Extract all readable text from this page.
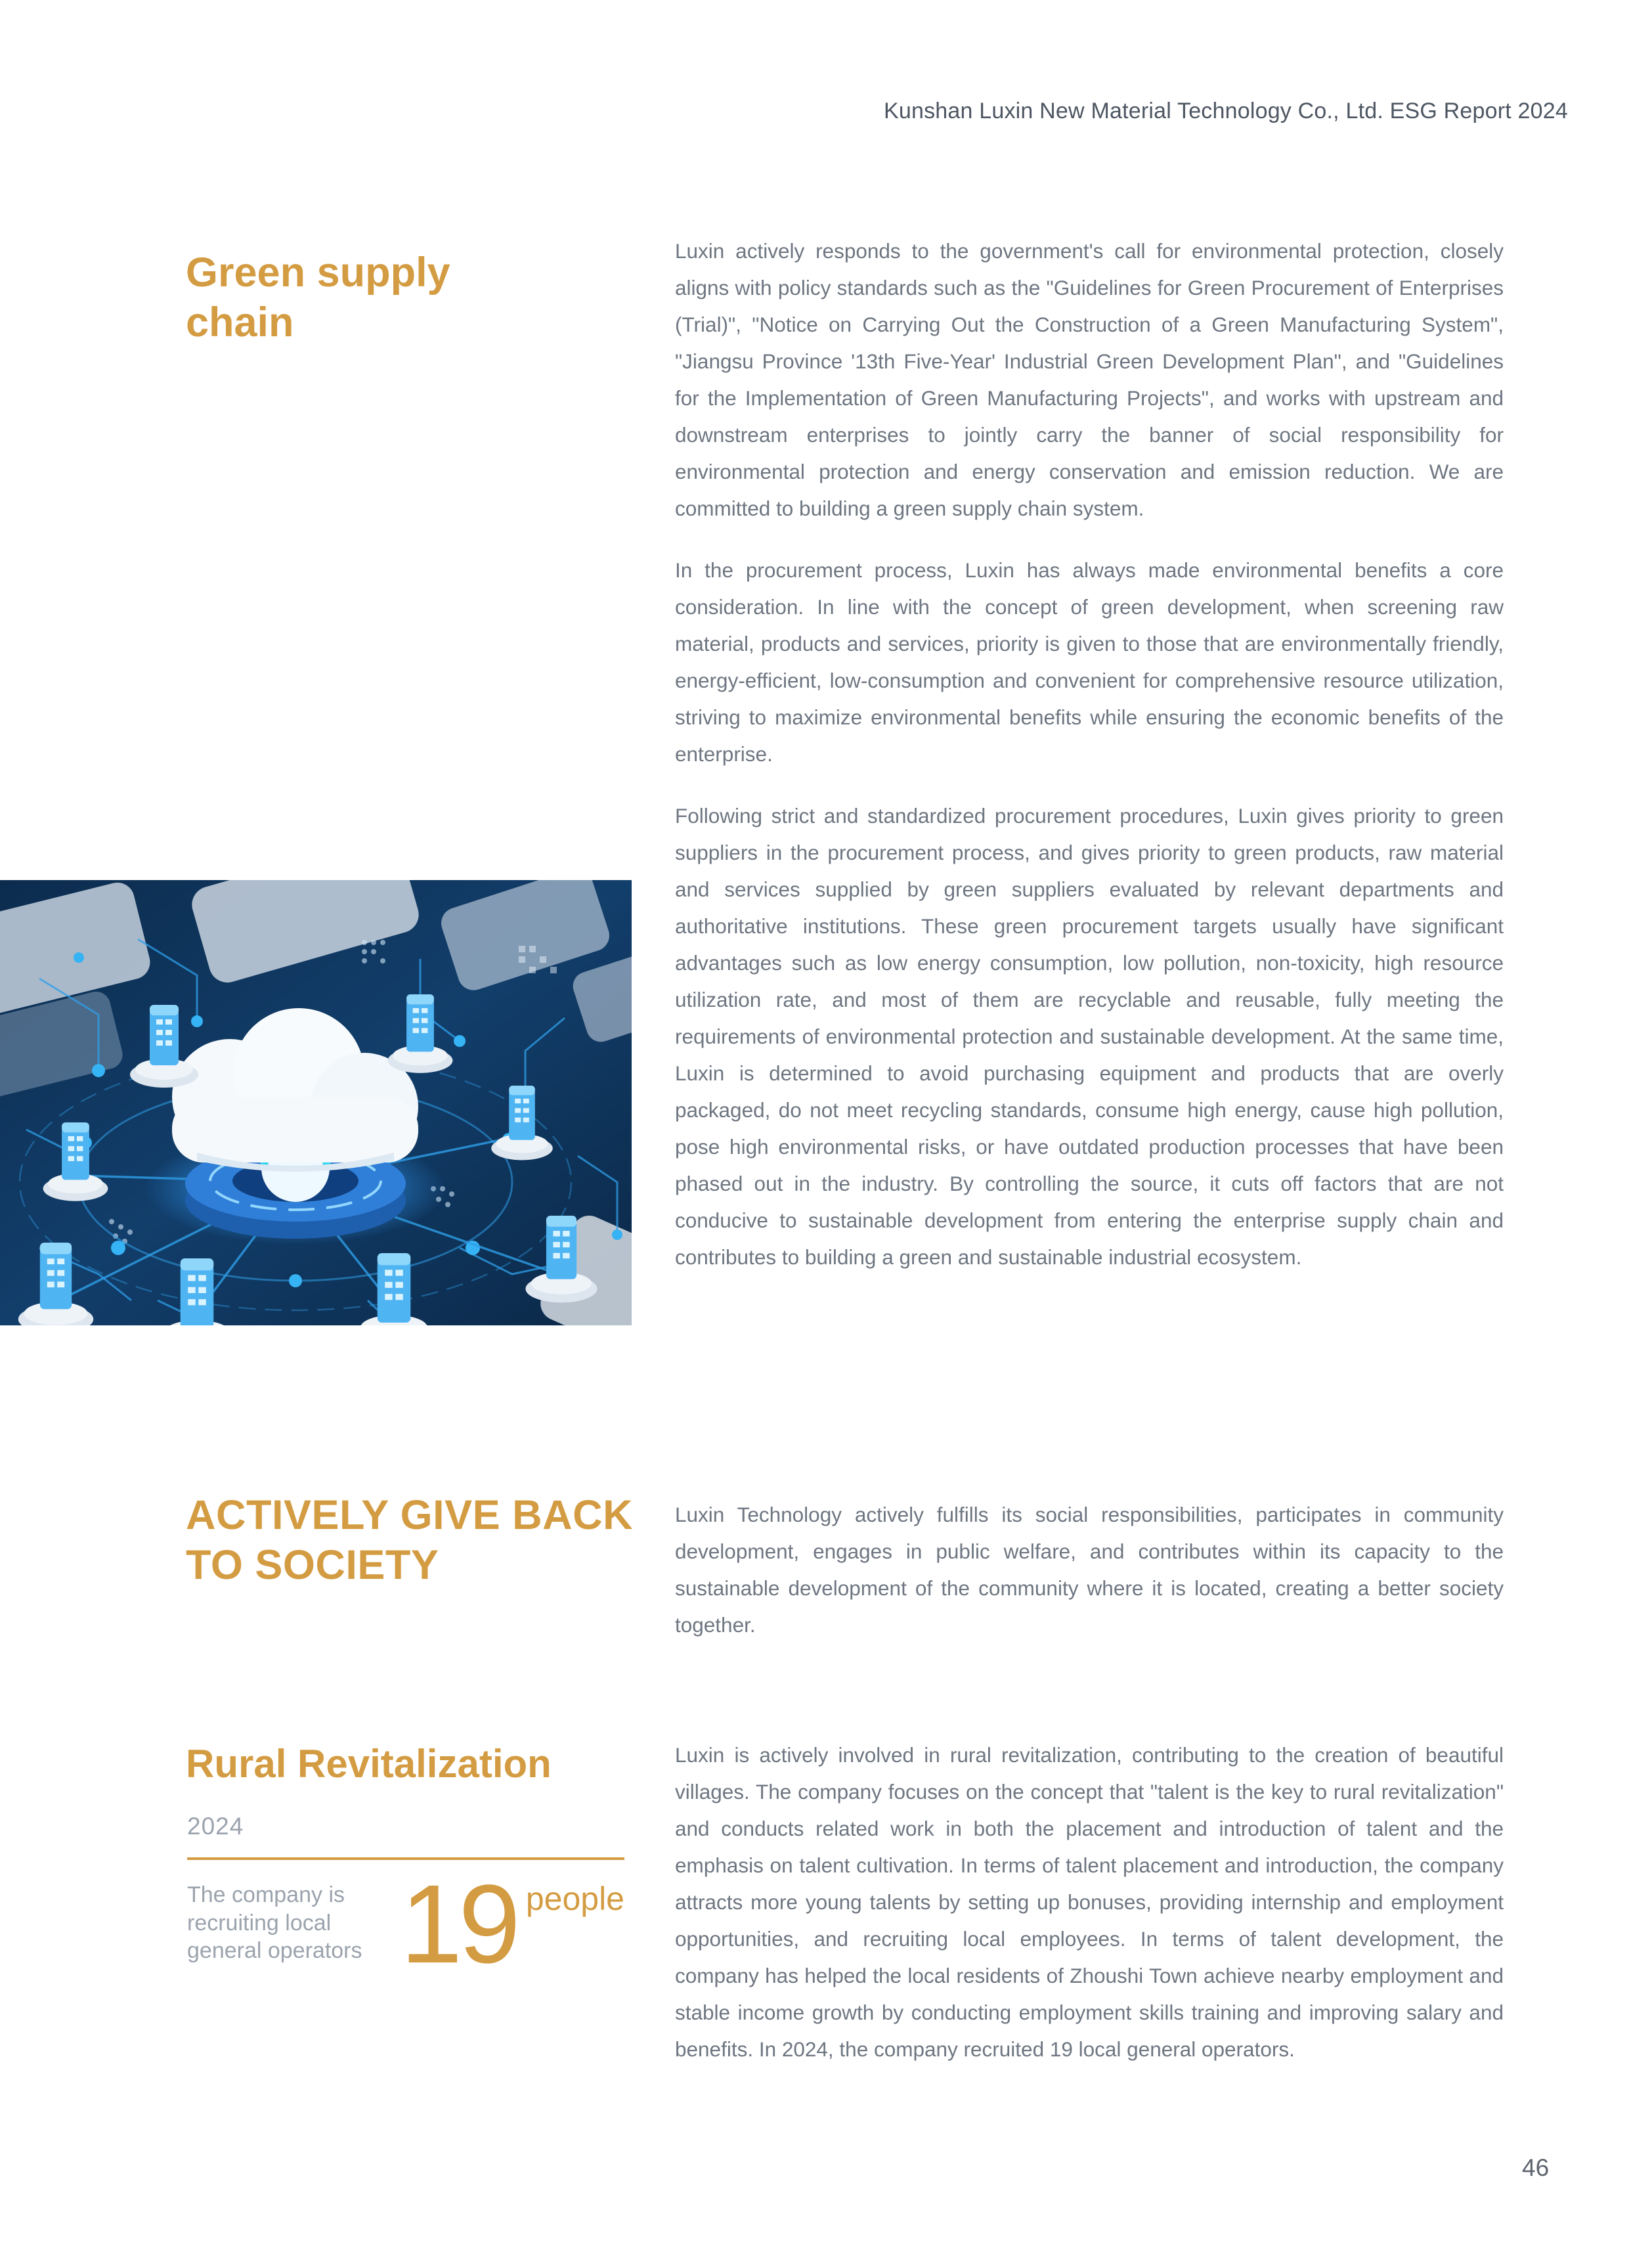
Kunshan Luxin New Material Technology Co., Ltd. ESG Report 2024
Green supply chain

Luxin actively responds to the government's call for environmental protection, closely aligns with policy standards such as the "Guidelines for Green Procurement of Enterprises (Trial)", "Notice on Carrying Out the Construction of a Green Manufacturing System", "Jiangsu Province '13th Five-Year' Industrial Green Development Plan", and "Guidelines for the Implementation of Green Manufacturing Projects", and works with upstream and downstream enterprises to jointly carry the banner of social responsibility for environmental protection and energy conservation and emission reduction. We are committed to building a green supply chain system.

In the procurement process, Luxin has always made environmental benefits a core consideration. In line with the concept of green development, when screening raw material, products and services, priority is given to those that are environmentally friendly, energy-efficient, low-consumption and convenient for comprehensive resource utilization, striving to maximize environmental benefits while ensuring the economic benefits of the enterprise.

Following strict and standardized procurement procedures, Luxin gives priority to green suppliers in the procurement process, and gives priority to green products, raw material and services supplied by green suppliers evaluated by relevant departments and authoritative institutions. These green procurement targets usually have significant advantages such as low energy consumption, low pollution, non-toxicity, high resource utilization rate, and most of them are recyclable and reusable, fully meeting the requirements of environmental protection and sustainable development. At the same time, Luxin is determined to avoid purchasing equipment and products that are overly packaged, do not meet recycling standards, consume high energy, cause high pollution, pose high environmental risks, or have outdated production processes that have been phased out in the industry. By controlling the source, it cuts off factors that are not conducive to sustainable development from entering the enterprise supply chain and contributes to building a green and sustainable industrial ecosystem.

ACTIVELY GIVE BACK TO SOCIETY

Luxin Technology actively fulfills its social responsibilities, participates in community development, engages in public welfare, and contributes within its capacity to the sustainable development of the community where it is located, creating a better society together.

Rural Revitalization
2024
The company is recruiting local general operators 19 people

Luxin is actively involved in rural revitalization, contributing to the creation of beautiful villages. The company focuses on the concept that "talent is the key to rural revitalization" and conducts related work in both the placement and introduction of talent and the emphasis on talent cultivation. In terms of talent placement and introduction, the company attracts more young talents by setting up bonuses, providing internship and employment opportunities, and recruiting local employees. In terms of talent development, the company has helped the local residents of Zhoushi Town achieve nearby employment and stable income growth by conducting employment skills training and improving salary and benefits. In 2024, the company recruited 19 local general operators.

46
